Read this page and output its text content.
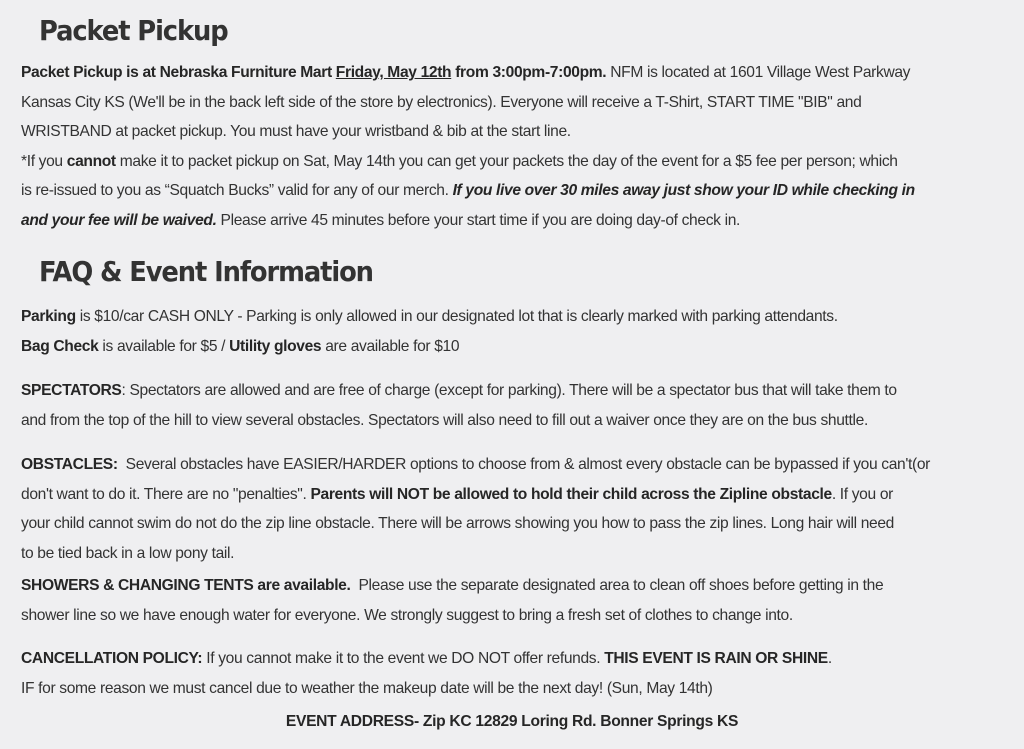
Packet Pickup
Packet Pickup is at Nebraska Furniture Mart Friday, May 12th from 3:00pm-7:00pm. NFM is located at 1601 Village West Parkway
Kansas City KS (We'll be in the back left side of the store by electronics). Everyone will receive a T-Shirt, START TIME "BIB" and
WRISTBAND at packet pickup. You must have your wristband & bib at the start line.
*If you cannot make it to packet pickup on Sat, May 14th you can get your packets the day of the event for a $5 fee per person; which
is re-issued to you as “Squatch Bucks” valid for any of our merch. If you live over 30 miles away just show your ID while checking in
and your fee will be waived. Please arrive 45 minutes before your start time if you are doing day-of check in.
FAQ & Event Information
Parking is $10/car CASH ONLY - Parking is only allowed in our designated lot that is clearly marked with parking attendants.
Bag Check is available for $5 / Utility gloves are available for $10
SPECTATORS: Spectators are allowed and are free of charge (except for parking). There will be a spectator bus that will take them to
and from the top of the hill to view several obstacles. Spectators will also need to fill out a waiver once they are on the bus shuttle.
OBSTACLES:  Several obstacles have EASIER/HARDER options to choose from & almost every obstacle can be bypassed if you can't(or
don't want to do it. There are no "penalties". Parents will NOT be allowed to hold their child across the Zipline obstacle. If you or
your child cannot swim do not do the zip line obstacle. There will be arrows showing you how to pass the zip lines. Long hair will need
to be tied back in a low pony tail.
SHOWERS & CHANGING TENTS are available.  Please use the separate designated area to clean off shoes before getting in the
shower line so we have enough water for everyone. We strongly suggest to bring a fresh set of clothes to change into.
CANCELLATION POLICY: If you cannot make it to the event we DO NOT offer refunds. THIS EVENT IS RAIN OR SHINE.
IF for some reason we must cancel due to weather the makeup date will be the next day! (Sun, May 14th)

EVENT ADDRESS- Zip KC 12829 Loring Rd. Bonner Springs KS
